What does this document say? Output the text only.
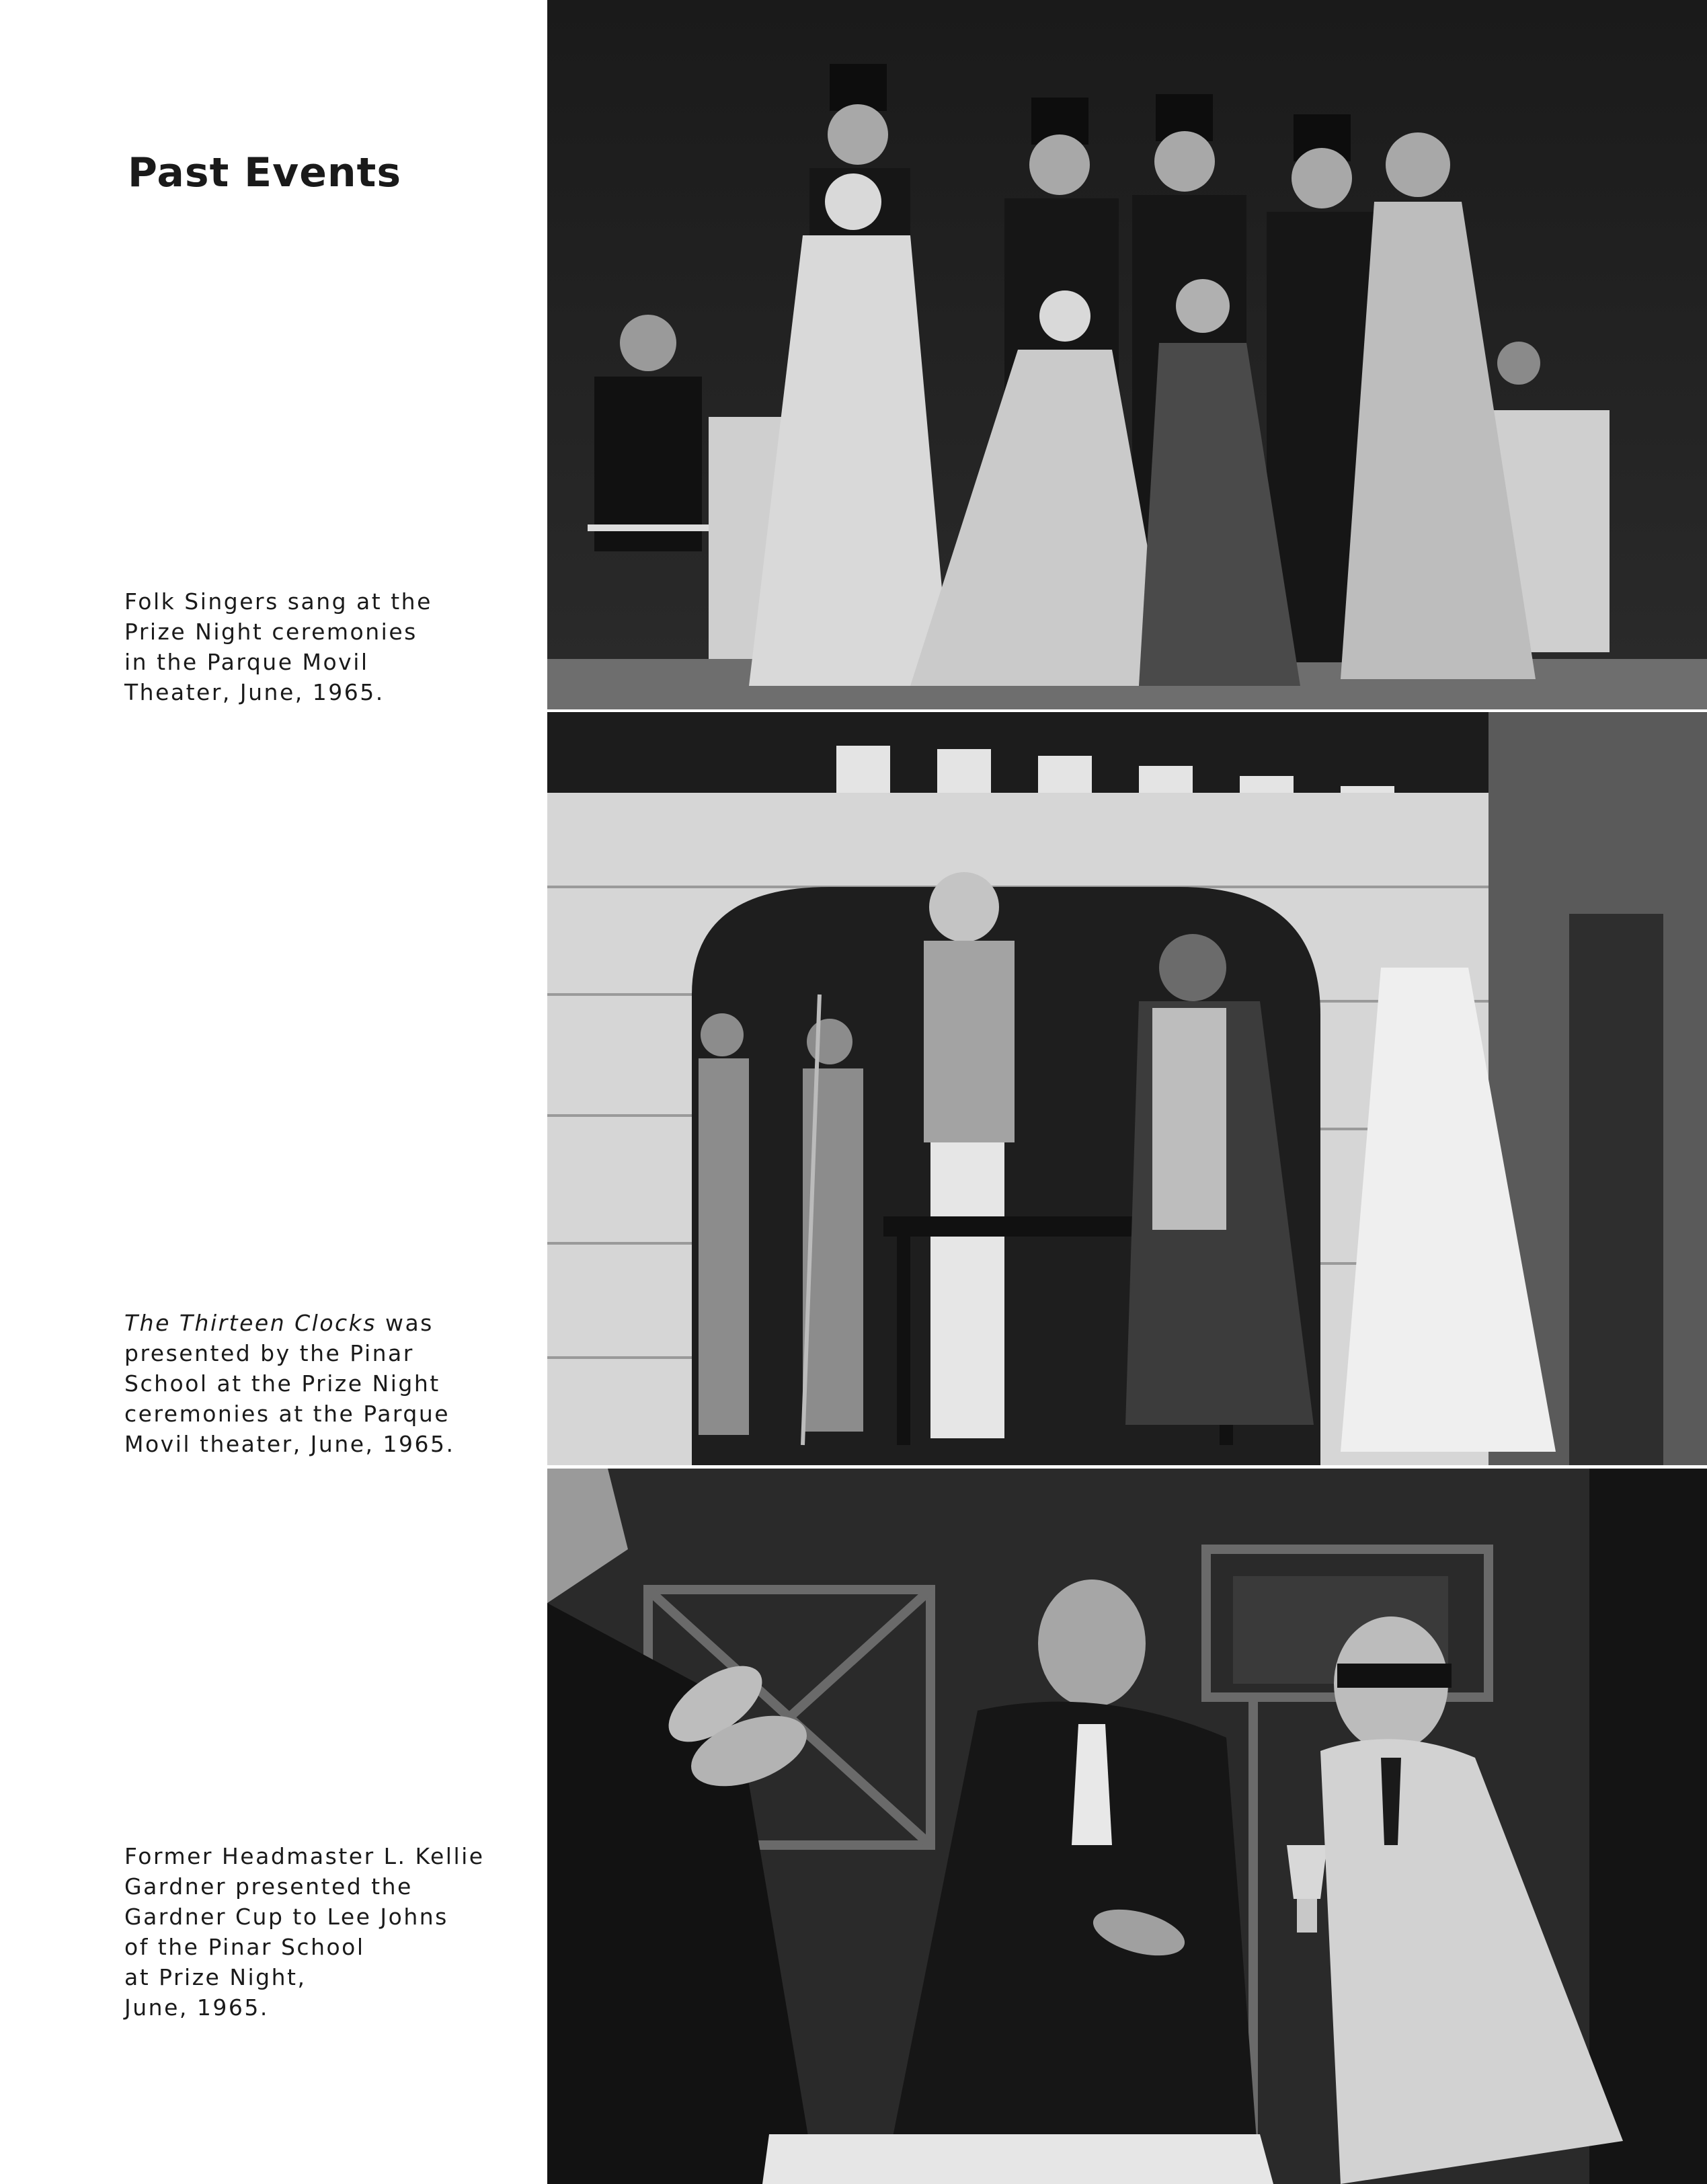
Past Events

Folk Singers sang at the
Prize Night ceremonies
in the Parque Movil
Theater, June, 1965.

The Thirteen Clocks was
presented by the Pinar
School at the Prize Night
ceremonies at the Parque
Movil theater, June, 1965.

Former Headmaster L. Kellie
Gardner presented the
Gardner Cup to Lee Johns
of the Pinar School
at Prize Night,
June, 1965.
